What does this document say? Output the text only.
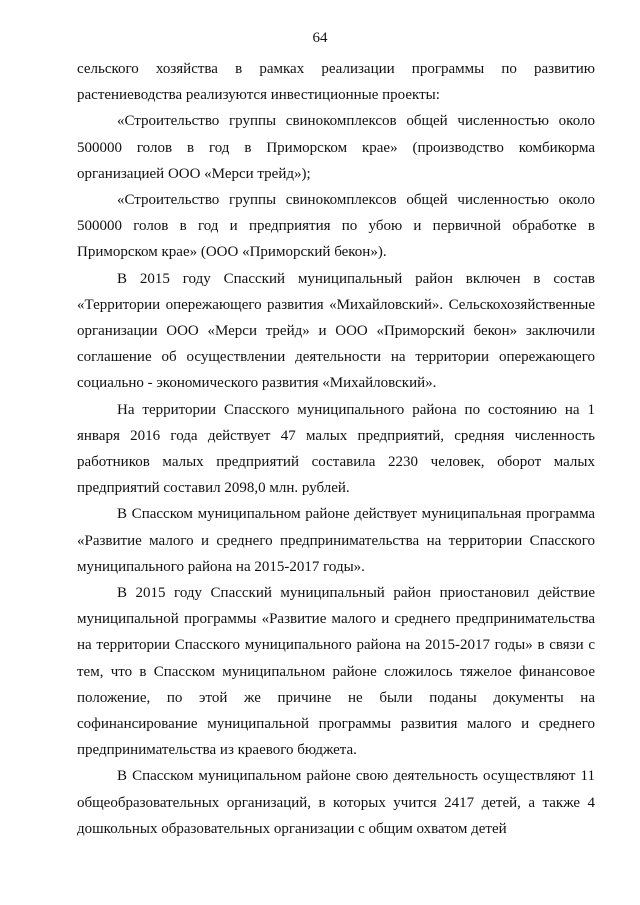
64

сельского хозяйства в рамках реализации программы по развитию растениеводства реализуются инвестиционные проекты:

«Строительство группы свинокомплексов общей численностью около 500000 голов в год в Приморском крае» (производство комбикорма организацией ООО «Мерси трейд»);

«Строительство группы свинокомплексов общей численностью около 500000 голов в год и предприятия по убою и первичной обработке в Приморском крае» (ООО «Приморский бекон»).

В 2015 году Спасский муниципальный район включен в состав «Территории опережающего развития «Михайловский». Сельскохозяйственные организации ООО «Мерси трейд» и ООО «Приморский бекон» заключили соглашение об осуществлении деятельности на территории опережающего социально - экономического развития «Михайловский».

На территории Спасского муниципального района по состоянию на 1 января 2016 года действует 47 малых предприятий, средняя численность работников малых предприятий составила 2230 человек, оборот малых предприятий составил 2098,0 млн. рублей.

В Спасском муниципальном районе действует муниципальная программа «Развитие малого и среднего предпринимательства на территории Спасского муниципального района на 2015-2017 годы».

В 2015 году Спасский муниципальный район приостановил действие муниципальной программы «Развитие малого и среднего предпринимательства на территории Спасского муниципального района на 2015-2017 годы» в связи с тем, что в Спасском муниципальном районе сложилось тяжелое финансовое положение, по этой же причине не были поданы документы на софинансирование муниципальной программы развития малого и среднего предпринимательства из краевого бюджета.

В Спасском муниципальном районе свою деятельность осуществляют 11 общеобразовательных организаций, в которых учится 2417 детей, а также 4 дошкольных образовательных организации с общим охватом детей
